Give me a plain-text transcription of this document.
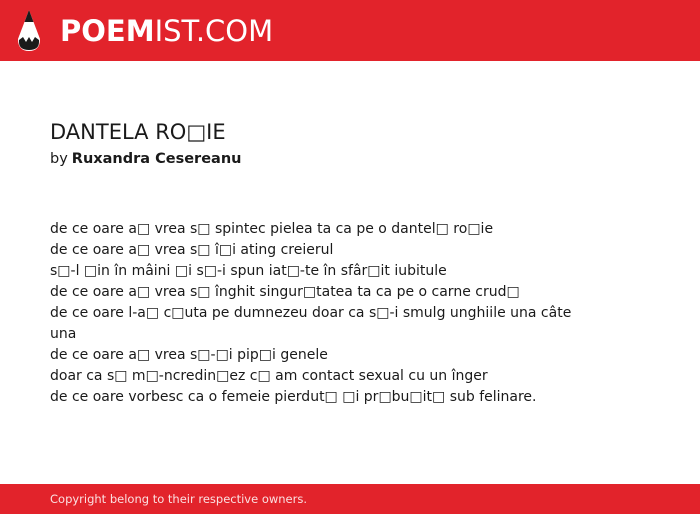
POEMIST.COM
DANTELA RO□IE
by Ruxandra Cesereanu
de ce oare a□ vrea s□ spintec pielea ta ca pe o dantel□ ro□ie
de ce oare a□ vrea s□ î□i ating creierul
s□-l □in în mâini □i s□-i spun iat□-te în sfâr□it iubitule
de ce oare a□ vrea s□ înghit singur□tatea ta ca pe o carne crud□
de ce oare l-a□ c□uta pe dumnezeu doar ca s□-i smulg unghiile una câte
una
de ce oare a□ vrea s□-□i pip□i genele
doar ca s□ m□-ncredin□ez c□ am contact sexual cu un înger
de ce oare vorbesc ca o femeie pierdut□ □i pr□bu□it□ sub felinare.
Copyright belong to their respective owners.
